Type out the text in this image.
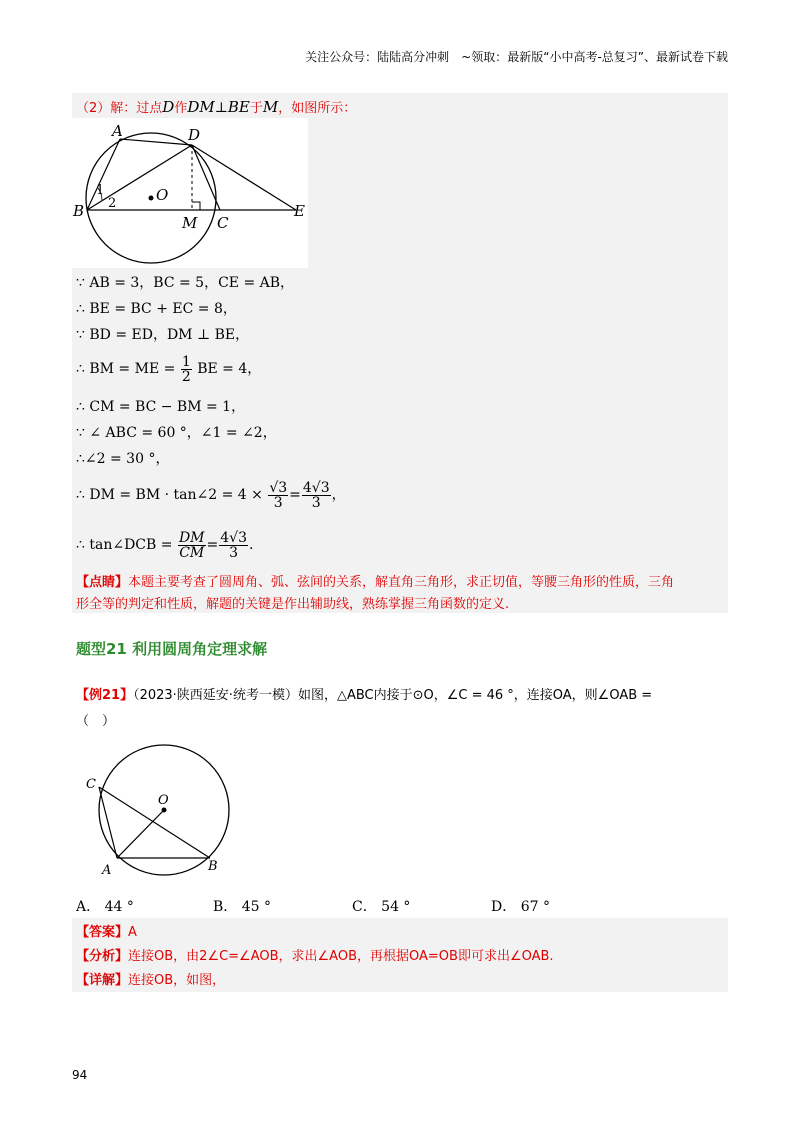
关注公众号：陆陆高分冲刺　~领取：最新版“小中高考-总复习”、最新试卷下载
（2）解：过点D作DM⊥BE于M，如图所示：
A	D
O
B
M C
E
1
2
∵ AB = 3，BC = 5，CE = AB，
∴ BE = BC + EC = 8，
∵ BD = ED，DM ⊥ BE，
∴ BM = ME = $\frac{1}{2}$ BE = 4，
∴ CM = BC − BM = 1，
∵ ∠ ABC = 60 °，∠1 = ∠2，
∴∠2 = 30 °，
∴ DM = BM · tan∠2 = $4 \times \frac{√3}{3} = \frac{4√3}{3}$ ，
∴ tan∠DCB = $\frac{DM}{CM} = \frac{4√3}{3}$ .
【点睛】本题主要考查了圆周角、弧、弦间的关系，解直角三角形，求正切值，等腰三角形的性质，三角
形全等的判定和性质，解题的关键是作出辅助线，熟练掌握三角函数的定义.
题型21 利用圆周角定理求解
【例21】（2023·陕西延安·统考一模）如图，△ABC内接于⊙O，∠C = 46 °，连接OA，则∠OAB =
（　）
C
O
A	B
A． 44 °	B． 45 °	C． 54 °	D． 67 °
【答案】A
【分析】连接OB，由2∠C=∠AOB，求出∠AOB，再根据OA=OB即可求出∠OAB.
【详解】连接OB，如图，
94
